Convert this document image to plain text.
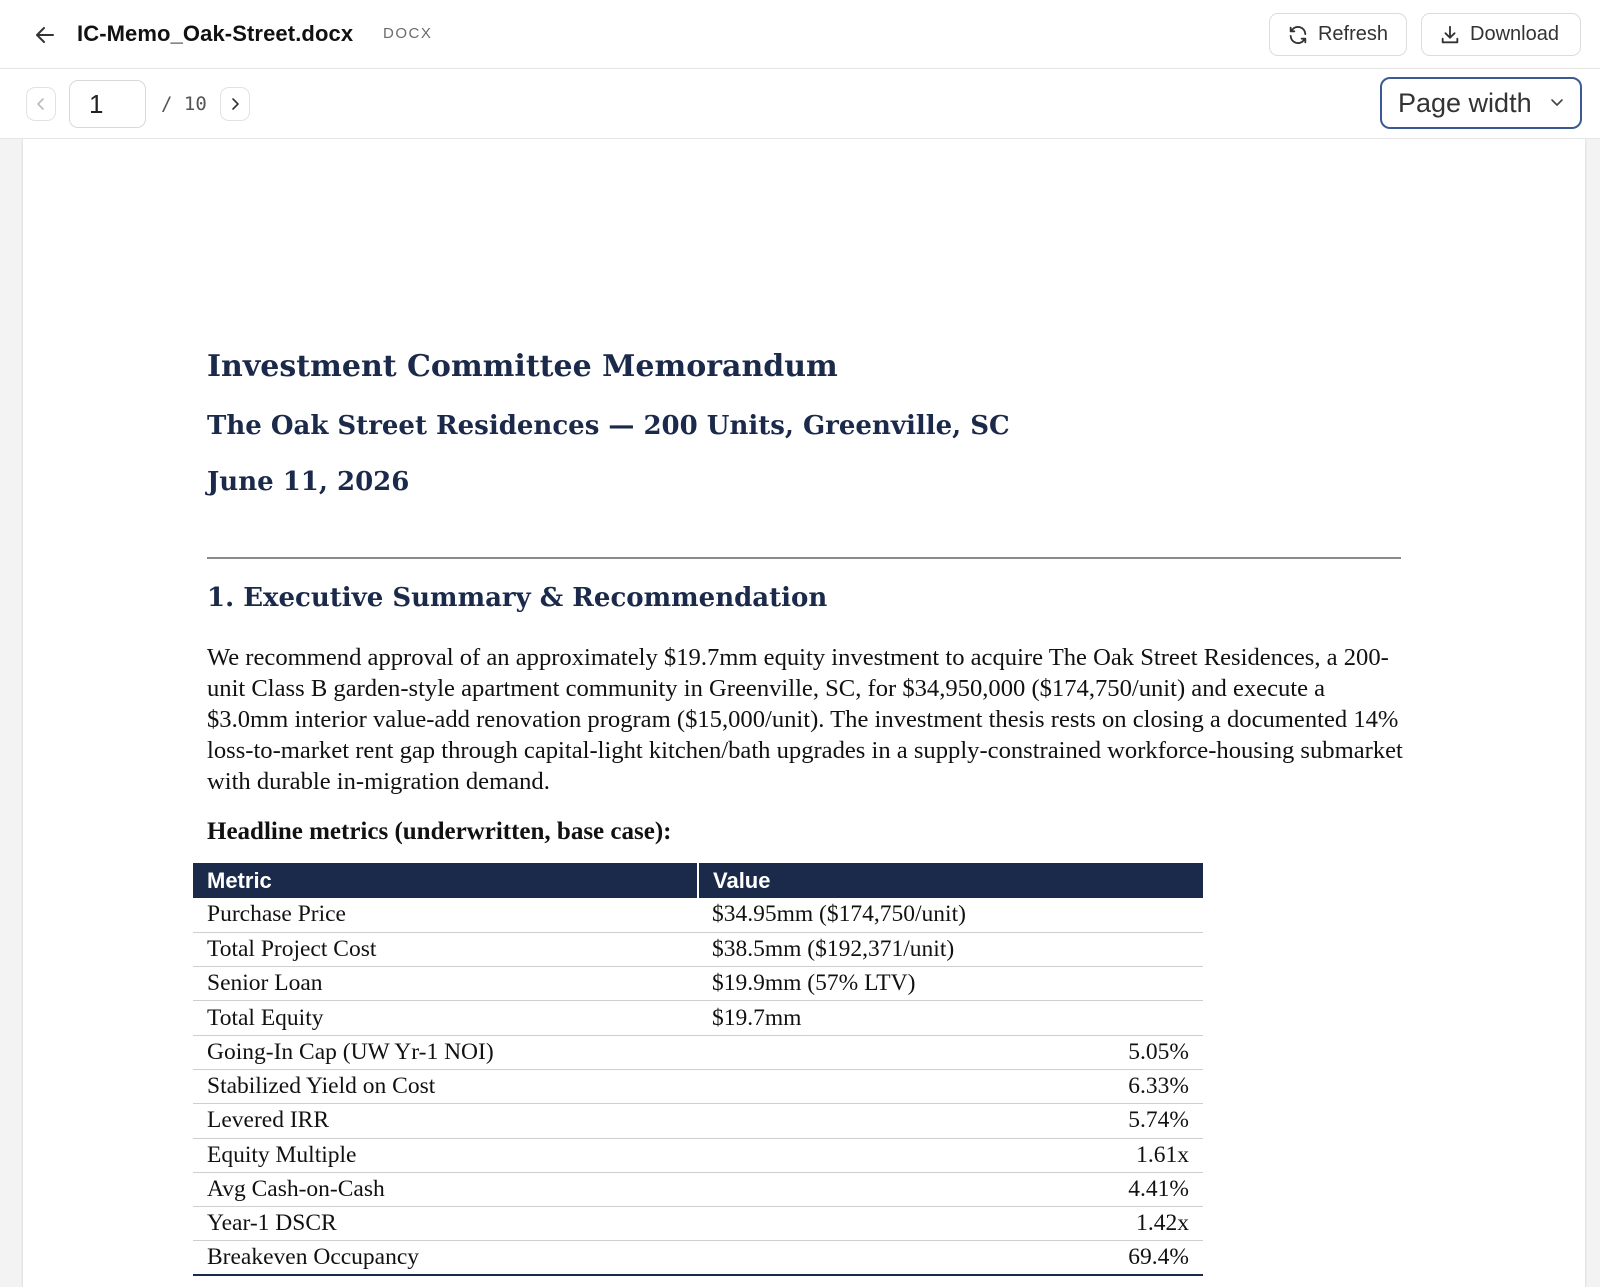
IC-Memo_Oak-Street.docx DOCX	Refresh	Download
1
/ 10	Page width
Investment Committee Memorandum
The Oak Street Residences — 200 Units, Greenville, SC
June 11, 2026
1. Executive Summary & Recommendation

We recommend approval of an approximately $19.7mm equity investment to acquire The Oak Street Residences, a 200-unit Class B garden-style apartment community in Greenville, SC, for $34,950,000 ($174,750/unit) and execute a $3.0mm interior value-add renovation program ($15,000/unit). The investment thesis rests on closing a documented 14% loss-to-market rent gap through capital-light kitchen/bath upgrades in a supply-constrained workforce-housing submarket with durable in-migration demand.

Headline metrics (underwritten, base case):
Metric	Value
Purchase Price	$34.95mm ($174,750/unit)
Total Project Cost	$38.5mm ($192,371/unit)
Senior Loan	$19.9mm (57% LTV)
Total Equity	$19.7mm
Going-In Cap (UW Yr-1 NOI)	5.05%
Stabilized Yield on Cost	6.33%
Levered IRR	5.74%
Equity Multiple	1.61x
Avg Cash-on-Cash	4.41%
Year-1 DSCR	1.42x
Breakeven Occupancy	69.4%
